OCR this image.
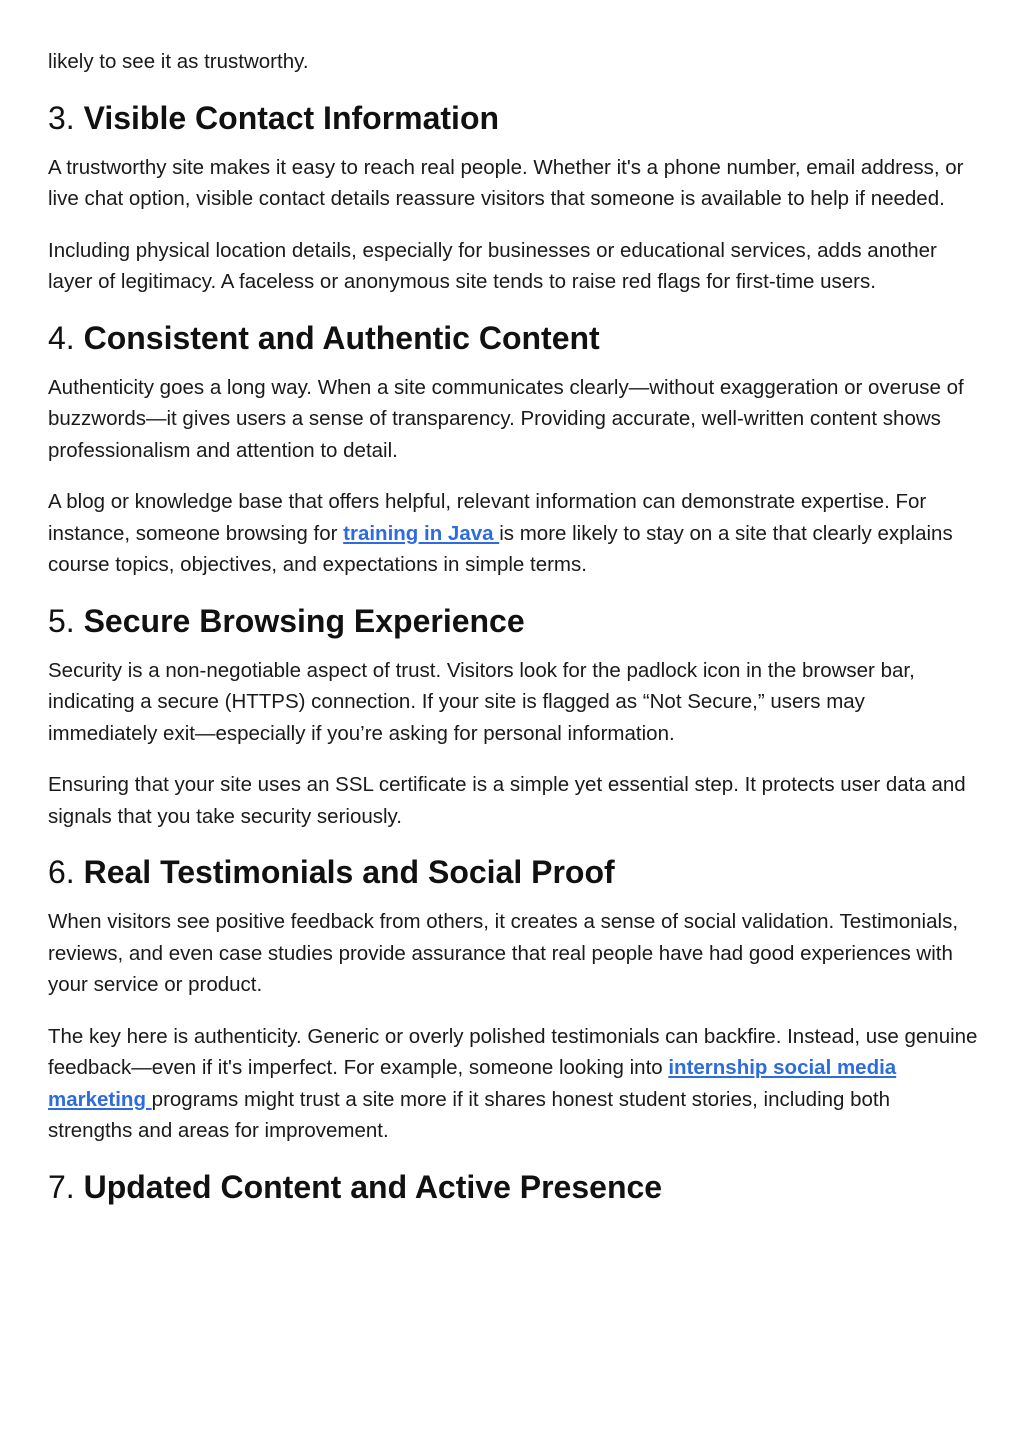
likely to see it as trustworthy.

3. Visible Contact Information

A trustworthy site makes it easy to reach real people. Whether it's a phone number, email address, or live chat option, visible contact details reassure visitors that someone is available to help if needed.

Including physical location details, especially for businesses or educational services, adds another layer of legitimacy. A faceless or anonymous site tends to raise red flags for first-time users.

4. Consistent and Authentic Content

Authenticity goes a long way. When a site communicates clearly—without exaggeration or overuse of buzzwords—it gives users a sense of transparency. Providing accurate, well-written content shows professionalism and attention to detail.

A blog or knowledge base that offers helpful, relevant information can demonstrate expertise. For instance, someone browsing for training in Java is more likely to stay on a site that clearly explains course topics, objectives, and expectations in simple terms.

5. Secure Browsing Experience

Security is a non-negotiable aspect of trust. Visitors look for the padlock icon in the browser bar, indicating a secure (HTTPS) connection. If your site is flagged as “Not Secure,” users may immediately exit—especially if you’re asking for personal information.

Ensuring that your site uses an SSL certificate is a simple yet essential step. It protects user data and signals that you take security seriously.

6. Real Testimonials and Social Proof

When visitors see positive feedback from others, it creates a sense of social validation. Testimonials, reviews, and even case studies provide assurance that real people have had good experiences with your service or product.

The key here is authenticity. Generic or overly polished testimonials can backfire. Instead, use genuine feedback—even if it's imperfect. For example, someone looking into internship social media marketing programs might trust a site more if it shares honest student stories, including both strengths and areas for improvement.

7. Updated Content and Active Presence
